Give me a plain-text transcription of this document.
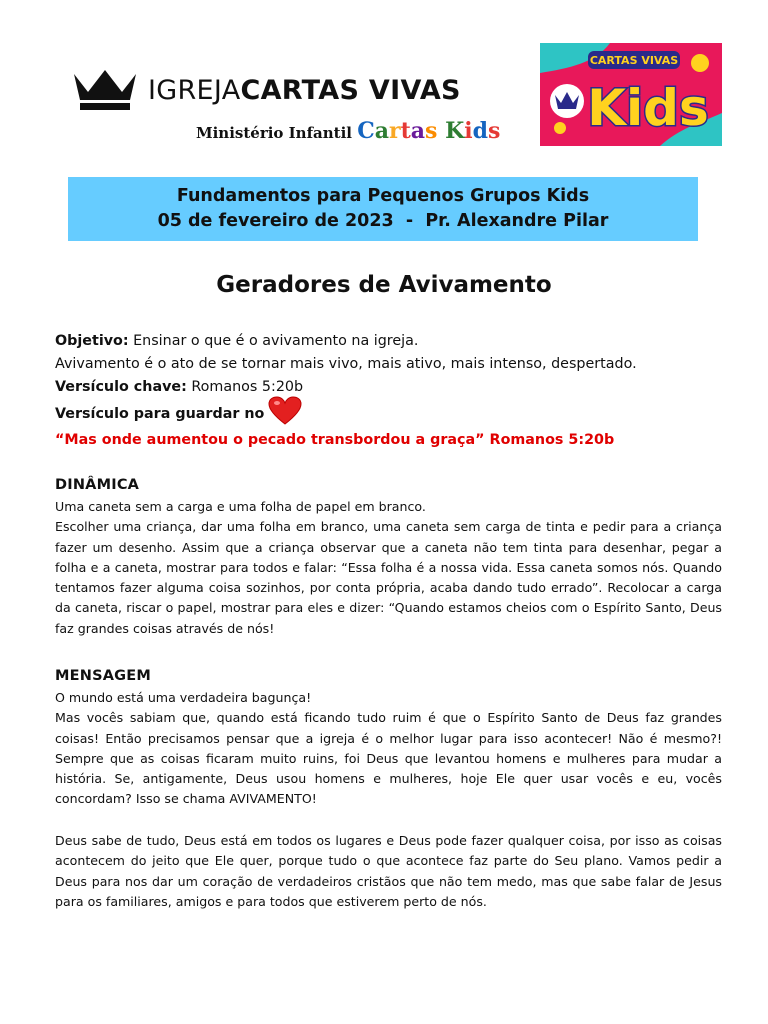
IGREJACARTAS VIVAS
Ministério Infantil Cartas Kids
CARTAS VIVAS
Kids
Fundamentos para Pequenos Grupos Kids
05 de fevereiro de 2023  -  Pr. Alexandre Pilar
Geradores de Avivamento
Objetivo: Ensinar o que é o avivamento na igreja.
Avivamento é o ato de se tornar mais vivo, mais ativo, mais intenso, despertado.
Versículo chave: Romanos 5:20b
Versículo para guardar no
“Mas onde aumentou o pecado transbordou a graça” Romanos 5:20b
DINÂMICA

Uma caneta sem a carga e uma folha de papel em branco.

Escolher uma criança, dar uma folha em branco, uma caneta sem carga de tinta e pedir para a criança fazer um desenho. Assim que a criança observar que a caneta não tem tinta para desenhar, pegar a folha e a caneta, mostrar para todos e falar: “Essa folha é a nossa vida. Essa caneta somos nós. Quando tentamos fazer alguma coisa sozinhos, por conta própria, acaba dando tudo errado”. Recolocar a carga da caneta, riscar o papel, mostrar para eles e dizer: “Quando estamos cheios com o Espírito Santo, Deus faz grandes coisas através de nós!

MENSAGEM

O mundo está uma verdadeira bagunça!

Mas vocês sabiam que, quando está ficando tudo ruim é que o Espírito Santo de Deus faz grandes coisas! Então precisamos pensar que a igreja é o melhor lugar para isso acontecer! Não é mesmo?! Sempre que as coisas ficaram muito ruins, foi Deus que levantou homens e mulheres para mudar a história. Se, antigamente, Deus usou homens e mulheres, hoje Ele quer usar vocês e eu, vocês concordam? Isso se chama AVIVAMENTO!

Deus sabe de tudo, Deus está em todos os lugares e Deus pode fazer qualquer coisa, por isso as coisas acontecem do jeito que Ele quer, porque tudo o que acontece faz parte do Seu plano. Vamos pedir a Deus para nos dar um coração de verdadeiros cristãos que não tem medo, mas que sabe falar de Jesus para os familiares, amigos e para todos que estiverem perto de nós.
